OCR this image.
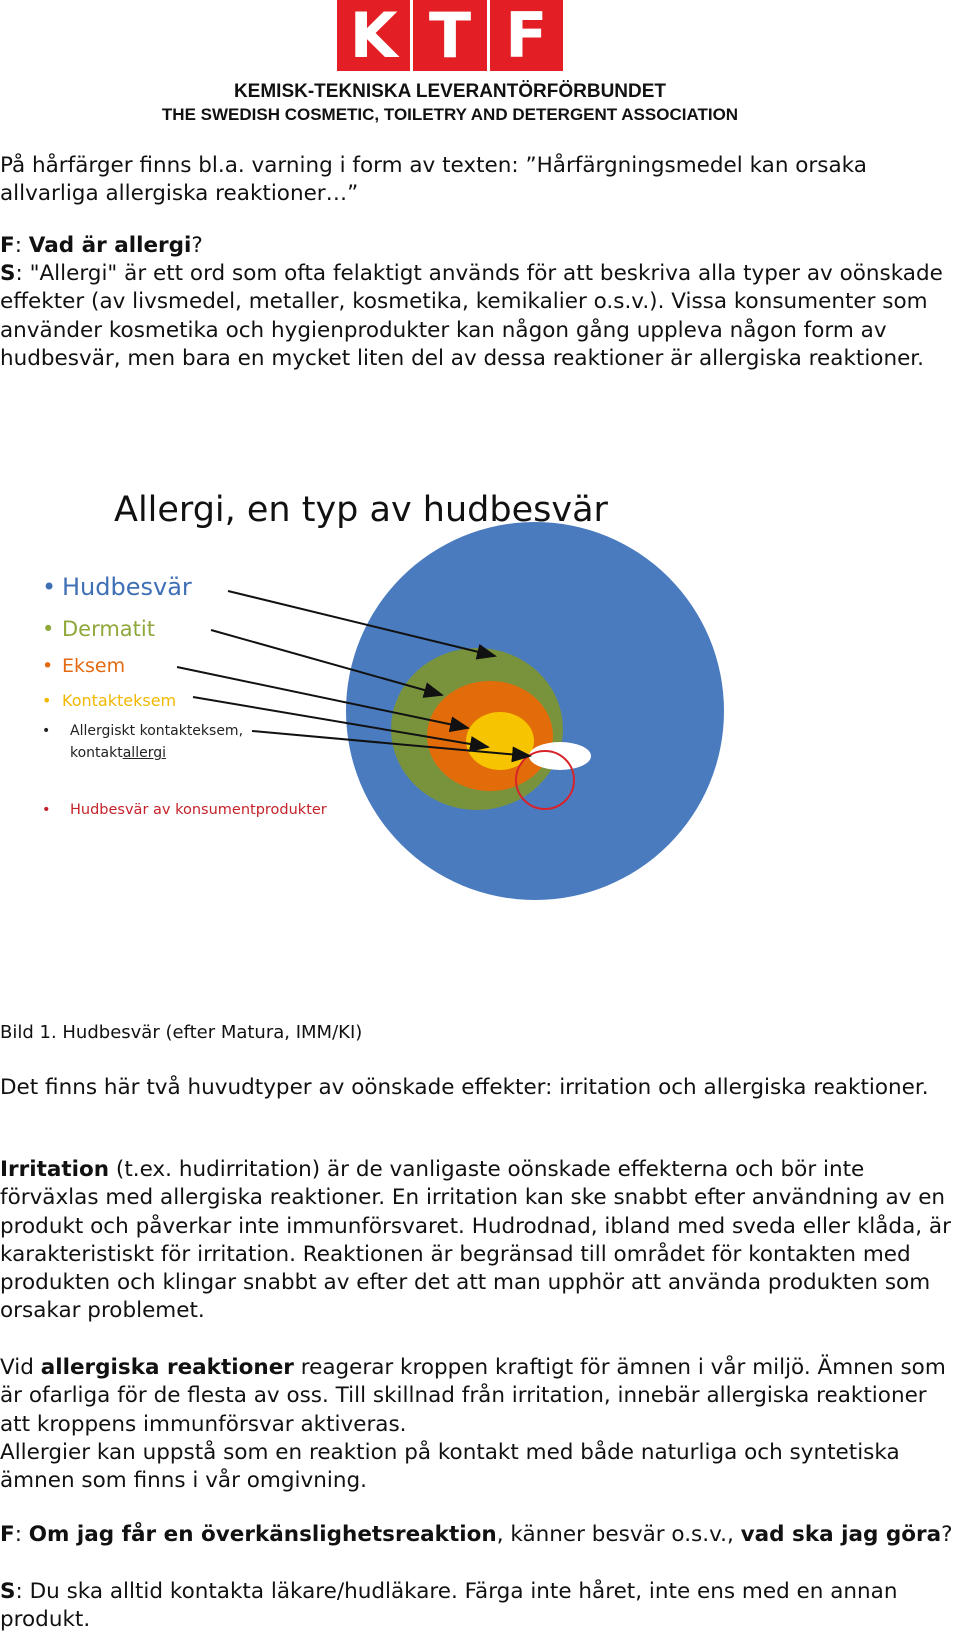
K T F
KEMISK-TEKNISKA LEVERANTÖRFÖRBUNDET
THE SWEDISH COSMETIC, TOILETRY AND DETERGENT ASSOCIATION

På hårfärger finns bl.a. varning i form av texten: ”Hårfärgningsmedel kan orsaka allvarliga allergiska reaktioner…”

F: Vad är allergi?

S: "Allergi" är ett ord som ofta felaktigt används för att beskriva alla typer av oönskade effekter (av livsmedel, metaller, kosmetika, kemikalier o.s.v.). Vissa konsumenter som använder kosmetika och hygienprodukter kan någon gång uppleva någon form av hudbesvär, men bara en mycket liten del av dessa reaktioner är allergiska reaktioner.

Allergi, en typ av hudbesvär
• Hudbesvär
• Dermatit
• Eksem
• Kontakteksem
•	Allergiskt kontakteksem,
kontaktallergi
•	Hudbesvär av konsumentprodukter
Bild 1. Hudbesvär (efter Matura, IMM/KI)

Det finns här två huvudtyper av oönskade effekter: irritation och allergiska reaktioner.

Irritation (t.ex. hudirritation) är de vanligaste oönskade effekterna och bör inte förväxlas med allergiska reaktioner. En irritation kan ske snabbt efter användning av en produkt och påverkar inte immunförsvaret. Hudrodnad, ibland med sveda eller klåda, är karakteristiskt för irritation. Reaktionen är begränsad till området för kontakten med produkten och klingar snabbt av efter det att man upphör att använda produkten som orsakar problemet.

Vid allergiska reaktioner reagerar kroppen kraftigt för ämnen i vår miljö. Ämnen som är ofarliga för de flesta av oss. Till skillnad från irritation, innebär allergiska reaktioner att kroppens immunförsvar aktiveras.

Allergier kan uppstå som en reaktion på kontakt med både naturliga och syntetiska ämnen som finns i vår omgivning.

F: Om jag får en överkänslighetsreaktion, känner besvär o.s.v., vad ska jag göra?

S: Du ska alltid kontakta läkare/hudläkare. Färga inte håret, inte ens med en annan produkt.
